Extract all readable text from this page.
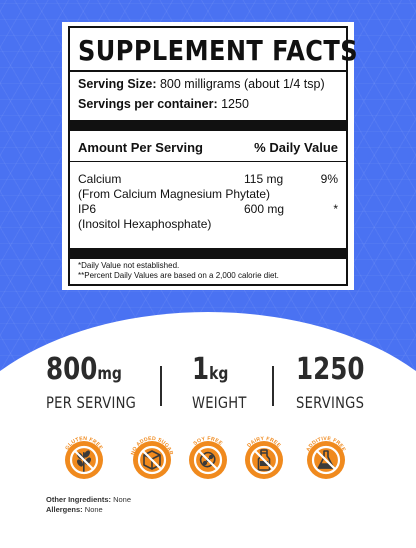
SUPPLEMENT FACTS
Serving Size: 800 milligrams (about 1/4 tsp)
Servings per container: 1250
Amount Per Serving	% Daily Value
Calcium	115 mg	9%
(From Calcium Magnesium Phytate)
IP6	600 mg	*
(Inositol Hexaphosphate)
*Daily Value not established.
**Percent Daily Values are based on a 2,000 calorie diet.
800mg
PER SERVING
1kg
WEIGHT
1250
SERVINGS
GLUTEN FREE
NO ADDED SUGAR
SOY FREE	DAIRY FREE
ADDITIVE FREE
Other Ingredients: None
Allergens: None
